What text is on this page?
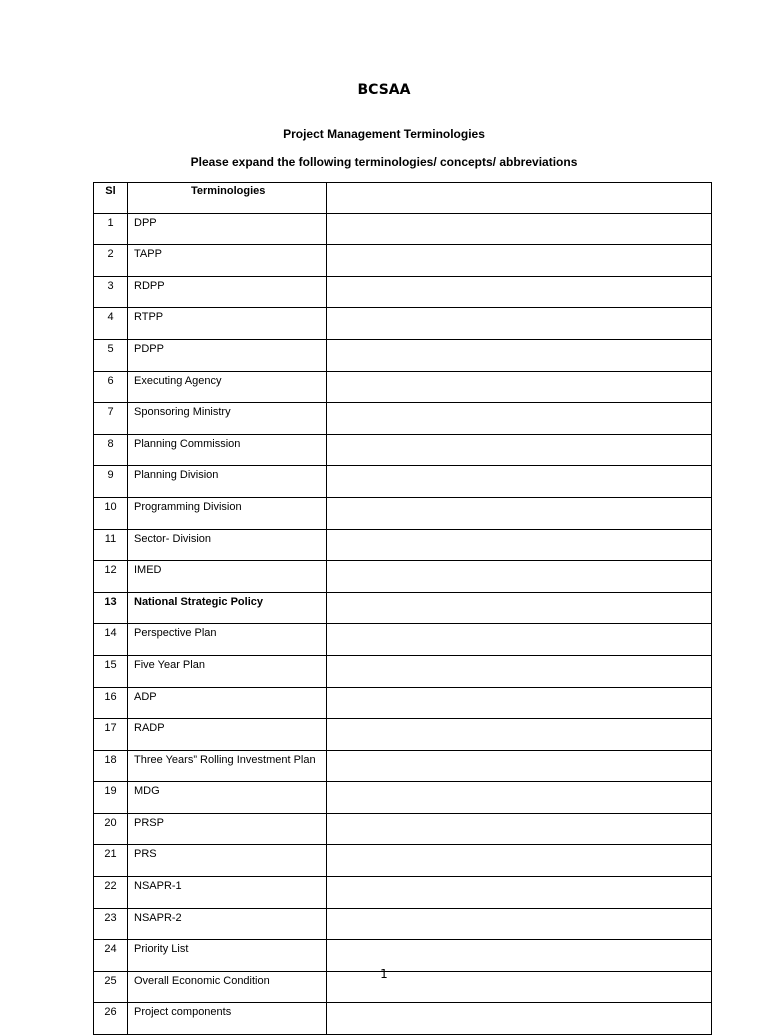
BCSAA
Project Management Terminologies
Please expand the following terminologies/ concepts/ abbreviations
Sl	Terminologies	
1	DPP	
2	TAPP	
3	RDPP	
4	RTPP	
5	PDPP	
6	Executing Agency	
7	Sponsoring Ministry	
8	Planning Commission	
9	Planning Division	
10	Programming Division	
11	Sector- Division	
12	IMED	
13	National Strategic Policy	
14	Perspective Plan	
15	Five Year Plan	
16	ADP	
17	RADP	
18	Three Years” Rolling Investment Plan	
19	MDG	
20	PRSP	
21	PRS	
22	NSAPR-1	
23	NSAPR-2	
24	Priority List	
25	Overall Economic Condition	
26	Project components	
1
